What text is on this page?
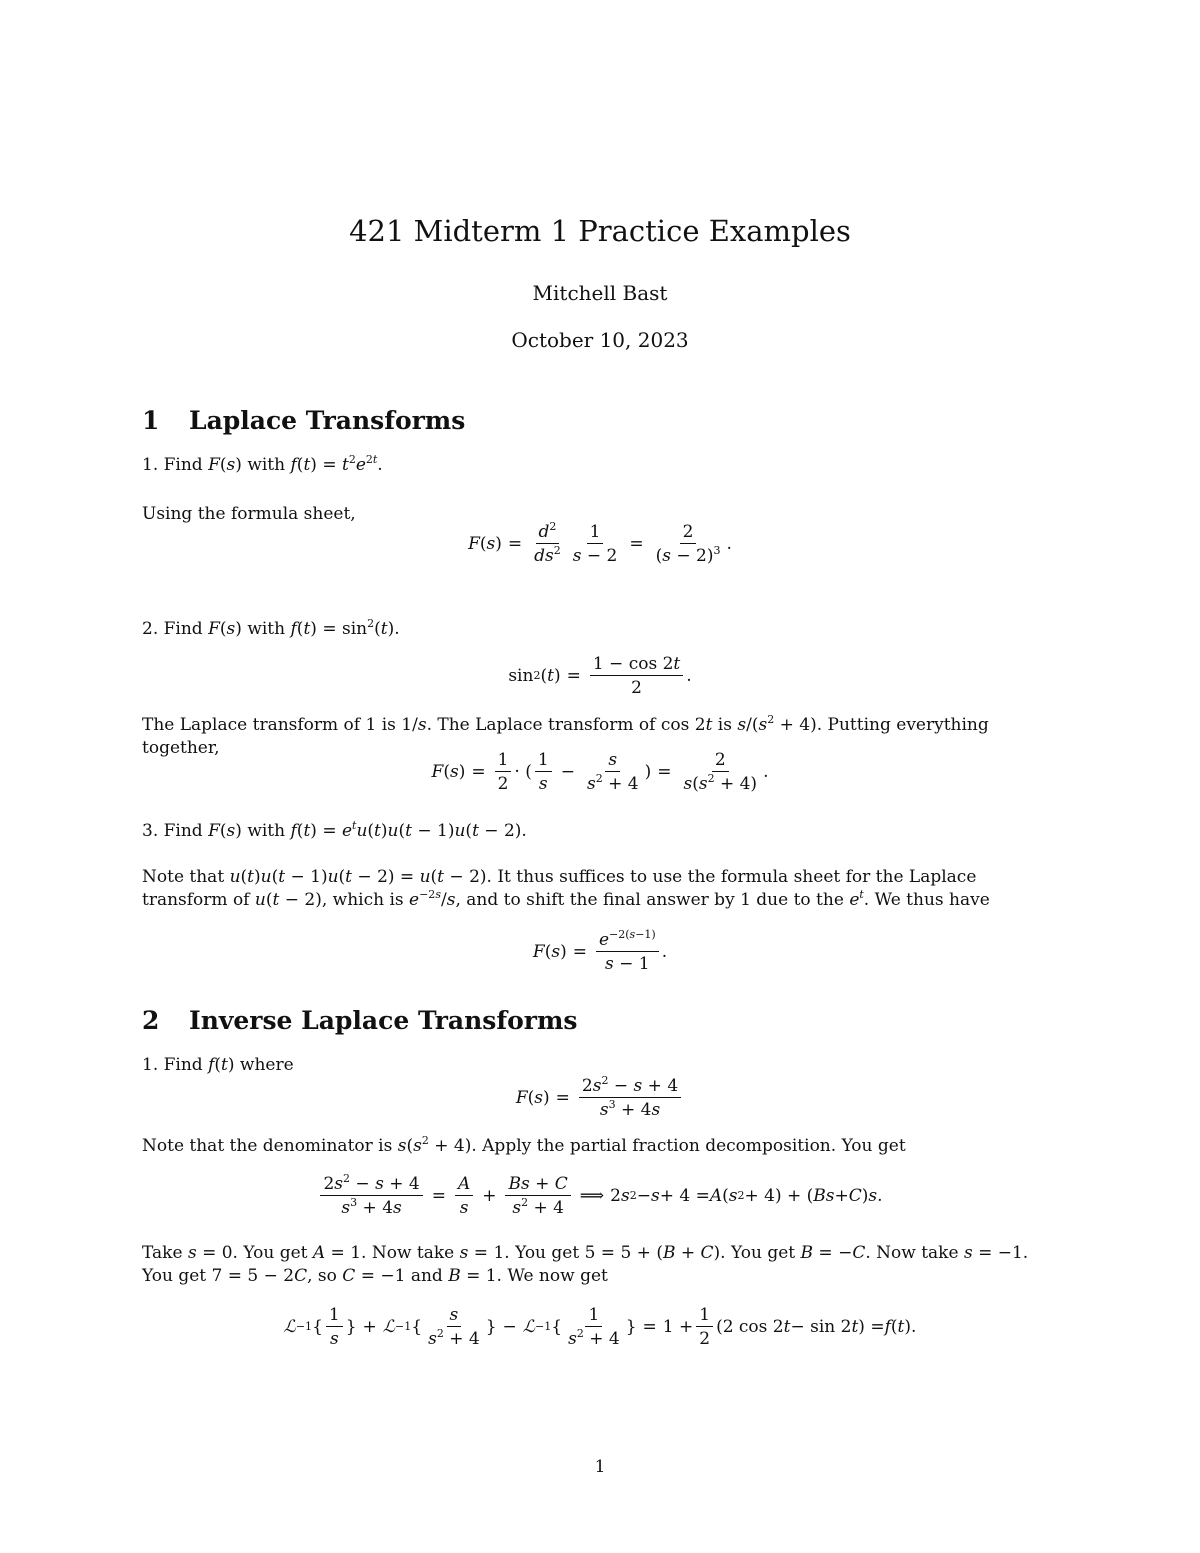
421 Midterm 1 Practice Examples
Mitchell Bast
October 10, 2023
1 Laplace Transforms
1. Find F(s) with $f(t) = t^2e^{2t}$.
Using the formula sheet,
F ( s ) = $\frac{d^2}{ds^2} \frac{1}{s - 2} = \frac{2}{(s - 2)^3}$ .
2. Find F(s) with $f(t) = \sin^2(t)$.
sin 2 ( t ) = $\frac{1 - \cos 2t}{2}$ .
The Laplace transform of 1 is 1/s. The Laplace transform of cos 2t is $s/(s^2 + 4)$. Putting everything together,
F ( s ) = $\frac{1}{2}$ · ( $\frac{1}{s} - \frac{s}{s^2 + 4}$ ) = $\frac{2}{s(s^2 + 4)}$ .
3. Find F(s) with $f(t) = e^tu(t)u(t - 1)u(t - 2)$.
Note that u(t)u(t − 1)u(t − 2) = u(t − 2). It thus suffices to use the formula sheet for the Laplace transform of u(t − 2), which is $e^{-2s}/s$, and to shift the final answer by 1 due to the $e^t$. We thus have
F ( s ) = $\frac{e^{-2(s-1)}}{s - 1}$ .
2 Inverse Laplace Transforms
1. Find f(t) where
F ( s ) = $\frac{2s^2 - s + 4}{s^3 + 4s}$
Note that the denominator is $s(s^2 + 4)$. Apply the partial fraction decomposition. You get
$\frac{2s^2 - s + 4}{s^3 + 4s} = \frac{A}{s} + \frac{Bs + C}{s^2 + 4}$ ⟹ 2 s 2 − s + 4 = A ( s 2 + 4) + ( Bs + C ) s .
Take s = 0. You get A = 1. Now take s = 1. You get 5 = 5 + (B + C). You get B = −C. Now take s = −1. You get 7 = 5 − 2C, so C = −1 and B = 1. We now get
ℒ −1 { $\frac{1}{s}$ } + ℒ −1 { $\frac{s}{s^2 + 4}$ } − ℒ −1 { $\frac{1}{s^2 + 4}$ } = $1 + \frac{1}{2} (2$ cos 2 t − sin 2 t ) = f ( t ).
1
